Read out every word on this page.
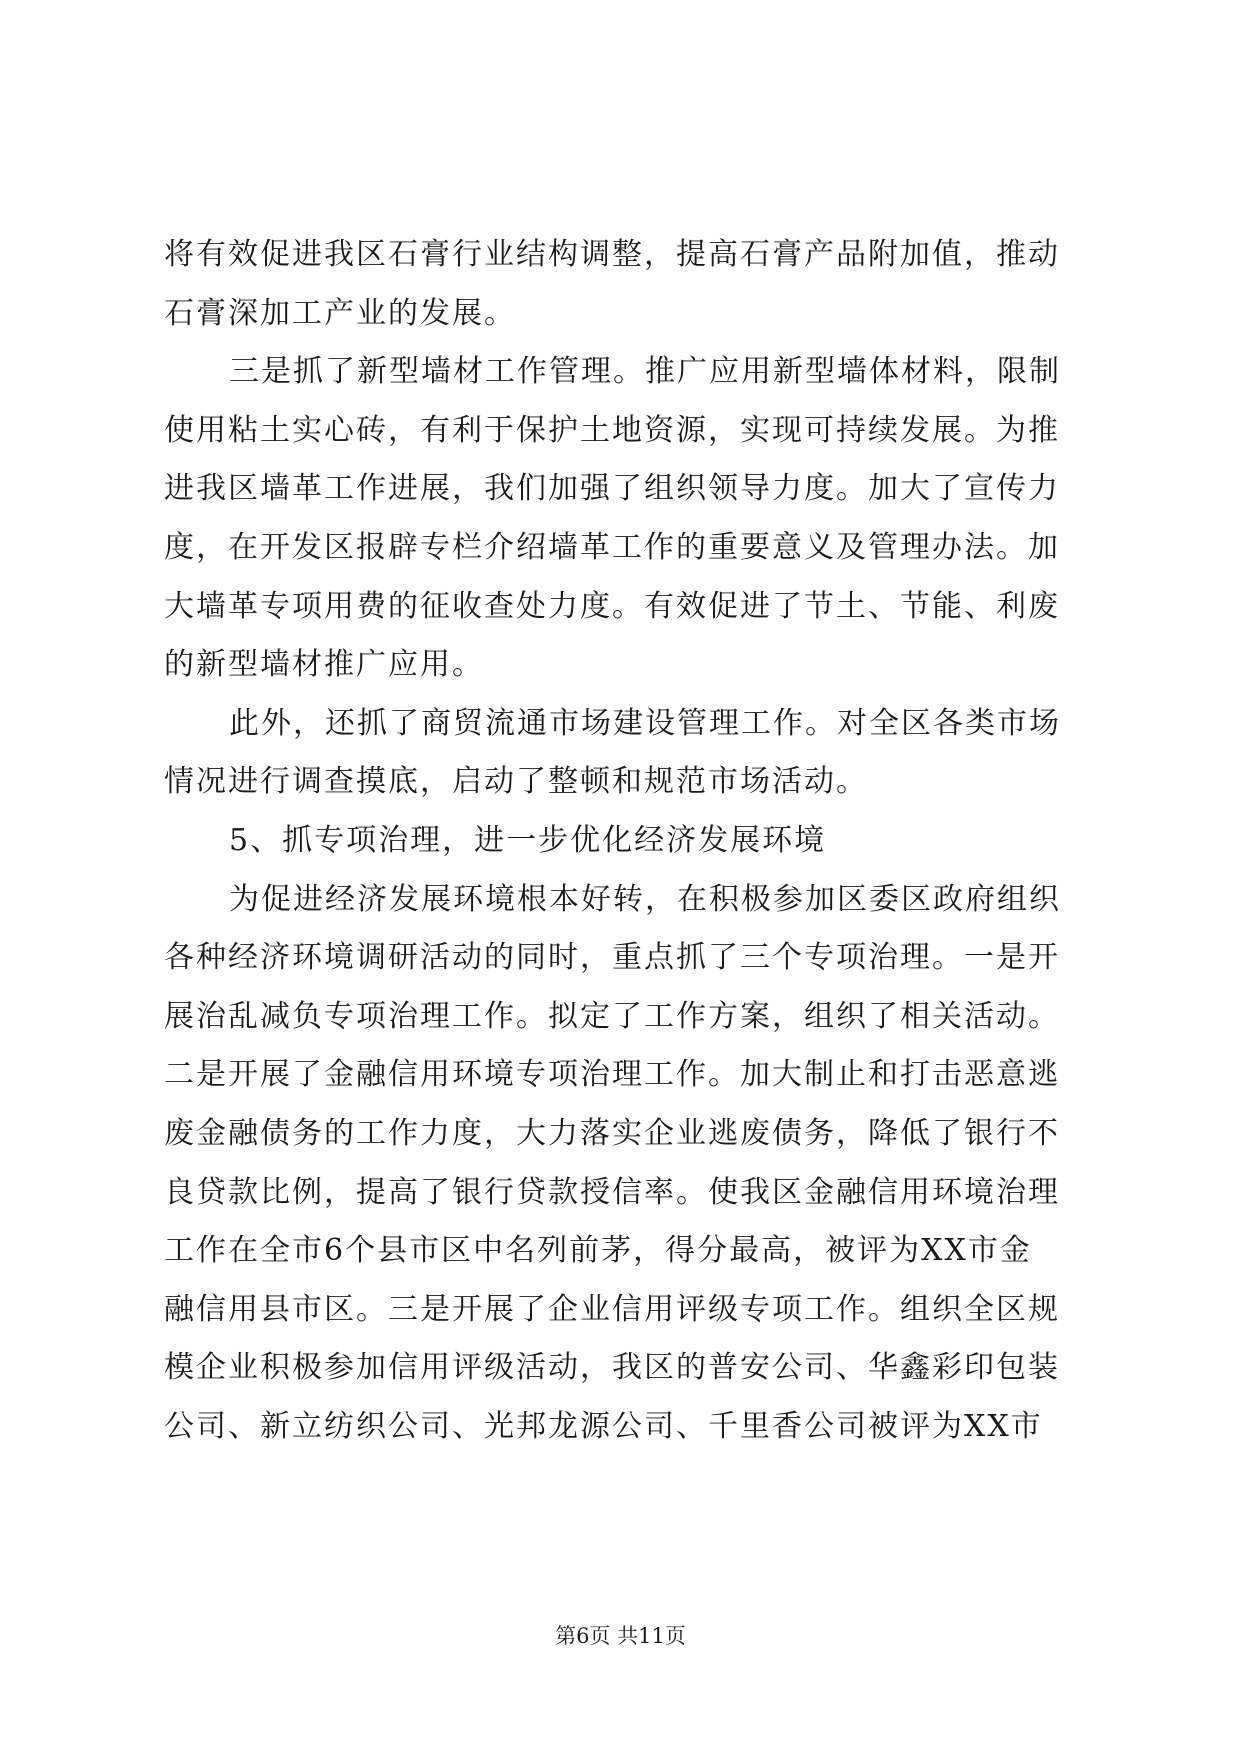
将有效促进我区石膏行业结构调整，提高石膏产品附加值，推动
石膏深加工产业的发展。
三是抓了新型墙材工作管理。推广应用新型墙体材料，限制
使用粘土实心砖，有利于保护土地资源，实现可持续发展。为推
进我区墙革工作进展，我们加强了组织领导力度。加大了宣传力
度，在开发区报辟专栏介绍墙革工作的重要意义及管理办法。加
大墙革专项用费的征收查处力度。有效促进了节土、节能、利废
的新型墙材推广应用。
此外，还抓了商贸流通市场建设管理工作。对全区各类市场
情况进行调查摸底，启动了整顿和规范市场活动。
5、抓专项治理，进一步优化经济发展环境
为促进经济发展环境根本好转，在积极参加区委区政府组织
各种经济环境调研活动的同时，重点抓了三个专项治理。一是开
展治乱减负专项治理工作。拟定了工作方案，组织了相关活动。
二是开展了金融信用环境专项治理工作。加大制止和打击恶意逃
废金融债务的工作力度，大力落实企业逃废债务，降低了银行不
良贷款比例，提高了银行贷款授信率。使我区金融信用环境治理
工作在全市6个县市区中名列前茅，得分最高，被评为XX市金
融信用县市区。三是开展了企业信用评级专项工作。组织全区规
模企业积极参加信用评级活动，我区的普安公司、华鑫彩印包装
公司、新立纺织公司、光邦龙源公司、千里香公司被评为XX市
第6页 共11页
